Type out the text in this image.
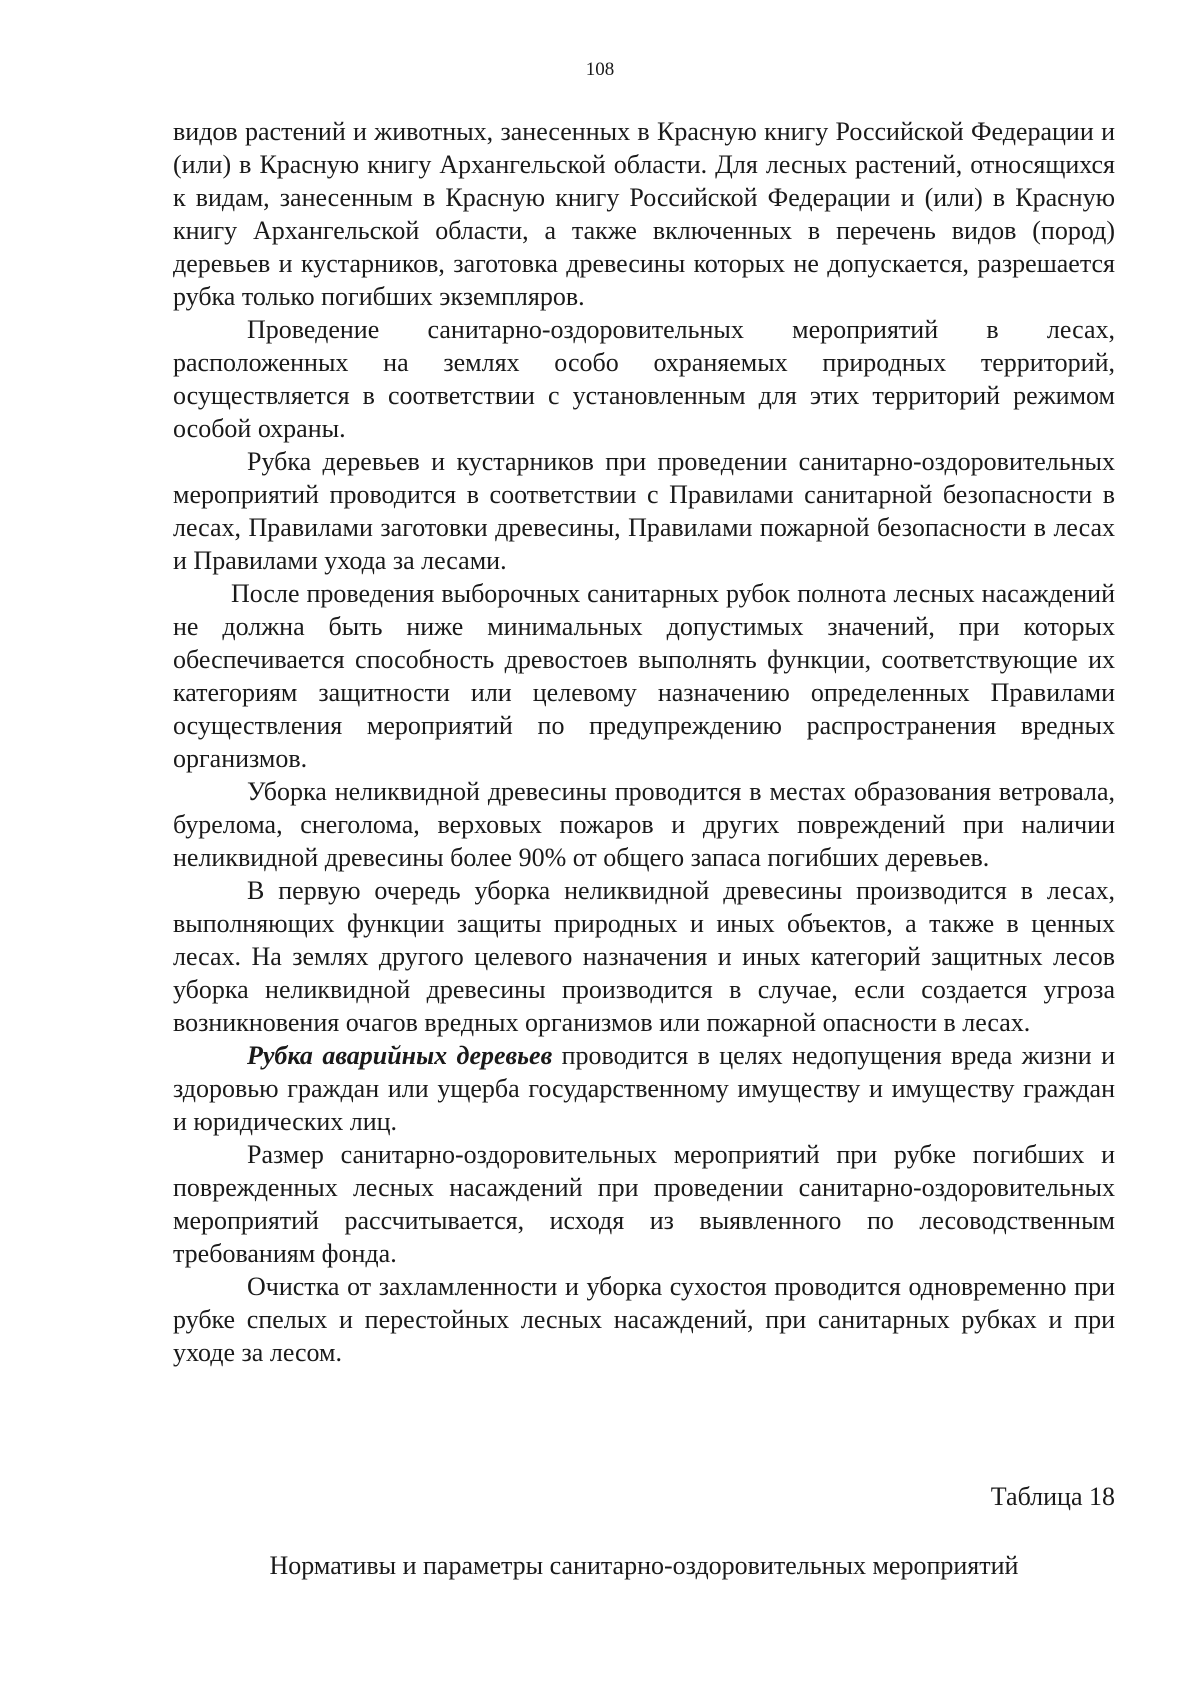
108

видов растений и животных, занесенных в Красную книгу Российской Федерации и (или) в Красную книгу Архангельской области. Для лесных растений, относящихся к видам, занесенным в Красную книгу Российской Федерации и (или) в Красную книгу Архангельской области, а также включенных в перечень видов (пород) деревьев и кустарников, заготовка древесины которых не допускается, разрешается рубка только погибших экземпляров.

Проведение санитарно-оздоровительных мероприятий в лесах, расположенных на землях особо охраняемых природных территорий, осуществляется в соответствии с установленным для этих территорий режимом особой охраны.

Рубка деревьев и кустарников при проведении санитарно-оздоровительных мероприятий проводится в соответствии с Правилами санитарной безопасности в лесах, Правилами заготовки древесины, Правилами пожарной безопасности в лесах и Правилами ухода за лесами.

После проведения выборочных санитарных рубок полнота лесных насаждений не должна быть ниже минимальных допустимых значений, при которых обеспечивается способность древостоев выполнять функции, соответствующие их категориям защитности или целевому назначению определенных Правилами осуществления мероприятий по предупреждению распространения вредных организмов.

Уборка неликвидной древесины проводится в местах образования ветровала, бурелома, снеголома, верховых пожаров и других повреждений при наличии неликвидной древесины более 90% от общего запаса погибших деревьев.

В первую очередь уборка неликвидной древесины производится в лесах, выполняющих функции защиты природных и иных объектов, а также в ценных лесах. На землях другого целевого назначения и иных категорий защитных лесов уборка неликвидной древесины производится в случае, если создается угроза возникновения очагов вредных организмов или пожарной опасности в лесах.

Рубка аварийных деревьев проводится в целях недопущения вреда жизни и здоровью граждан или ущерба государственному имуществу и имуществу граждан и юридических лиц.

Размер санитарно-оздоровительных мероприятий при рубке погибших и поврежденных лесных насаждений при проведении санитарно-оздоровительных мероприятий рассчитывается, исходя из выявленного по лесоводственным требованиям фонда.

Очистка от захламленности и уборка сухостоя проводится одновременно при рубке спелых и перестойных лесных насаждений, при санитарных рубках и при уходе за лесом.

Таблица 18
Нормативы и параметры санитарно-оздоровительных мероприятий
